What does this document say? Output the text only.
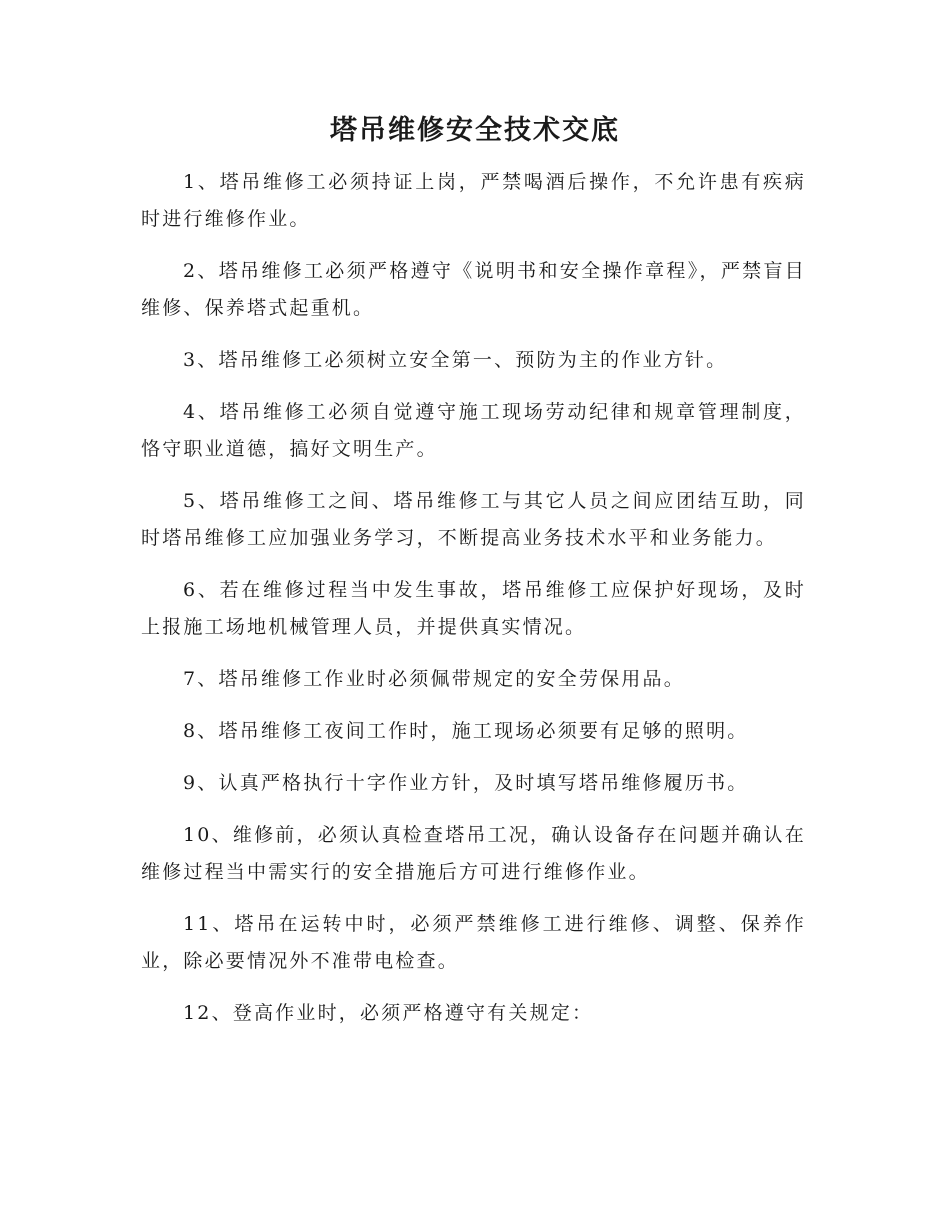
塔吊维修安全技术交底

1、塔吊维修工必须持证上岗，严禁喝酒后操作，不允许患有疾病时进行维修作业。

2、塔吊维修工必须严格遵守《说明书和安全操作章程》，严禁盲目维修、保养塔式起重机。

3、塔吊维修工必须树立安全第一、预防为主的作业方针。

4、塔吊维修工必须自觉遵守施工现场劳动纪律和规章管理制度，恪守职业道德，搞好文明生产。

5、塔吊维修工之间、塔吊维修工与其它人员之间应团结互助，同时塔吊维修工应加强业务学习，不断提高业务技术水平和业务能力。

6、若在维修过程当中发生事故，塔吊维修工应保护好现场，及时上报施工场地机械管理人员，并提供真实情况。

7、塔吊维修工作业时必须佩带规定的安全劳保用品。

8、塔吊维修工夜间工作时，施工现场必须要有足够的照明。

9、认真严格执行十字作业方针，及时填写塔吊维修履历书。

10、维修前，必须认真检查塔吊工况，确认设备存在问题并确认在维修过程当中需实行的安全措施后方可进行维修作业。

11、塔吊在运转中时，必须严禁维修工进行维修、调整、保养作业，除必要情况外不准带电检查。

12、登高作业时，必须严格遵守有关规定：
